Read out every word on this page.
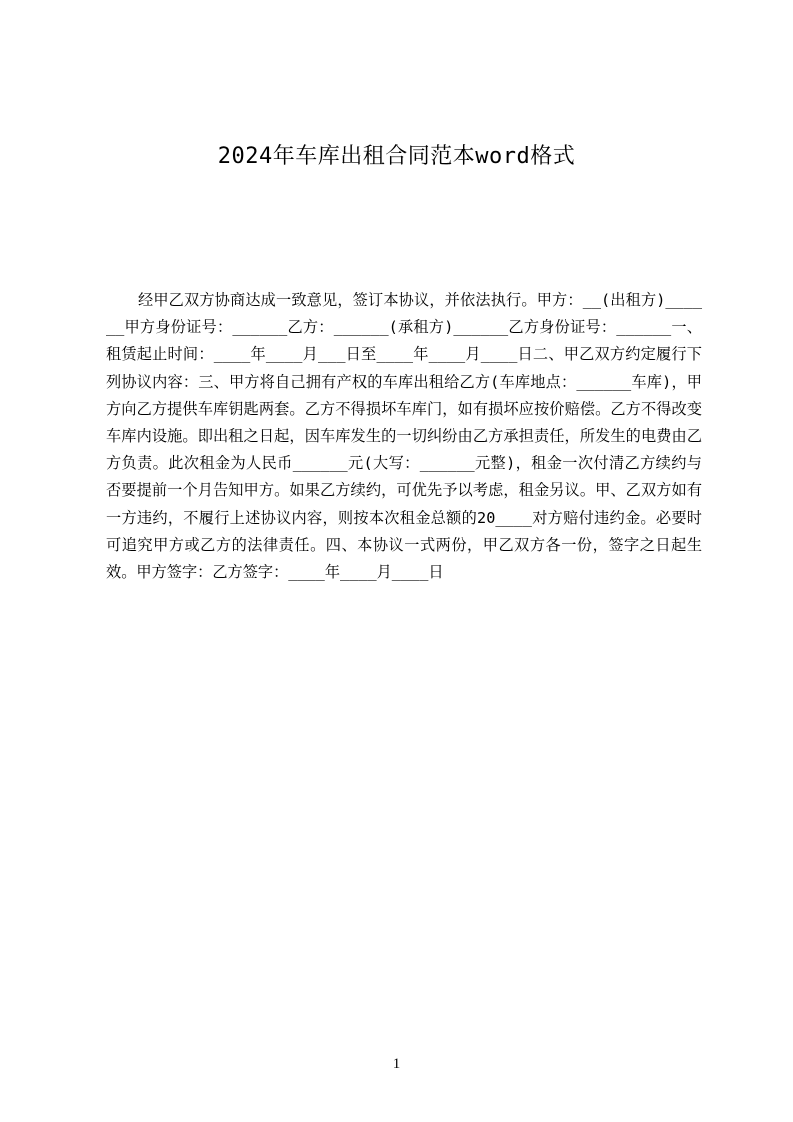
2024年车库出租合同范本word格式
经甲乙双方协商达成一致意见，签订本协议，并依法执行。甲方：__(出租方)______甲方身份证号：______乙方：______(承租方)______乙方身份证号：______一、租赁起止时间：____年____月___日至____年____月____日二、甲乙双方约定履行下列协议内容：三、甲方将自己拥有产权的车库出租给乙方(车库地点：______车库)，甲方向乙方提供车库钥匙两套。乙方不得损坏车库门，如有损坏应按价赔偿。乙方不得改变车库内设施。即出租之日起，因车库发生的一切纠纷由乙方承担责任，所发生的电费由乙方负责。此次租金为人民币______元(大写：______元整)，租金一次付清乙方续约与否要提前一个月告知甲方。如果乙方续约，可优先予以考虑，租金另议。甲、乙双方如有一方违约，不履行上述协议内容，则按本次租金总额的20____对方赔付违约金。必要时可追究甲方或乙方的法律责任。四、本协议一式两份，甲乙双方各一份，签字之日起生效。甲方签字：乙方签字：____年____月____日
1
